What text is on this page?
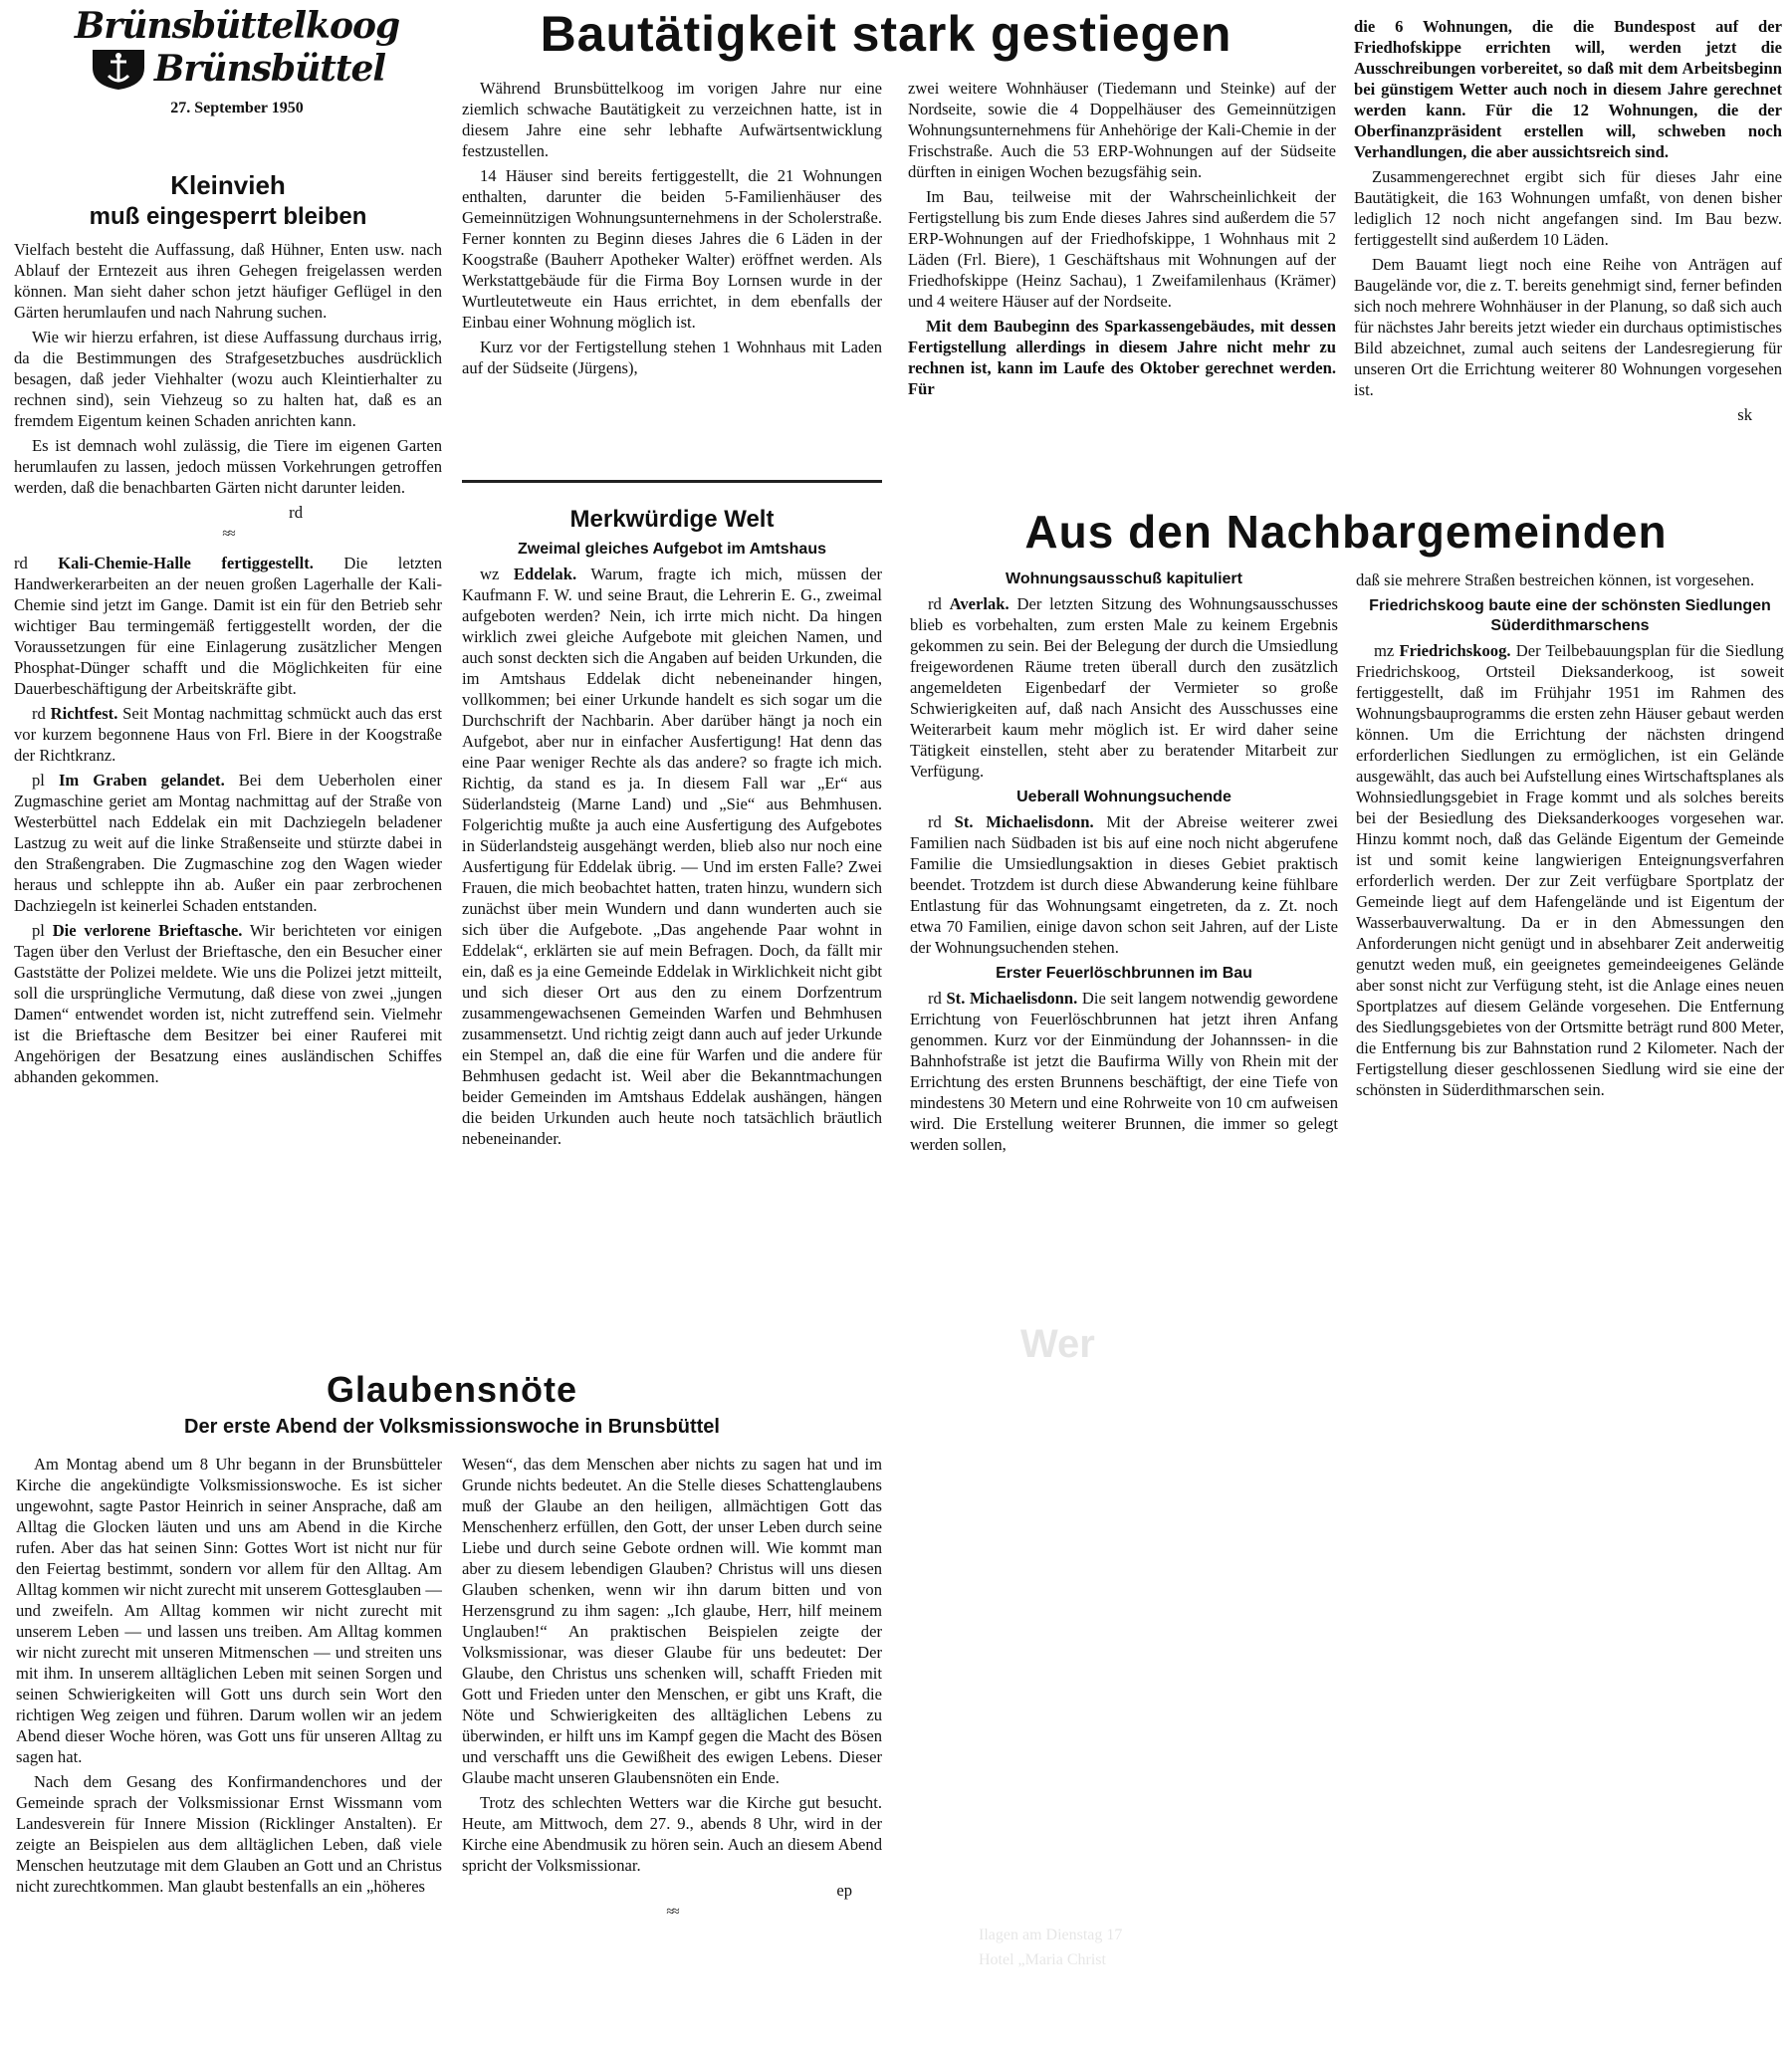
Brünsbüttelkoog
Brünsbüttel
27. September 1950
Kleinvieh
muß eingesperrt bleiben

Vielfach besteht die Auffassung, daß Hühner, Enten usw. nach Ablauf der Erntezeit aus ihren Gehegen freigelassen werden können. Man sieht daher schon jetzt häufiger Geflügel in den Gärten herumlaufen und nach Nahrung suchen.

Wie wir hierzu erfahren, ist diese Auffassung durchaus irrig, da die Bestimmungen des Strafgesetzbuches ausdrücklich besagen, daß jeder Viehhalter (wozu auch Kleintierhalter zu rechnen sind), sein Viehzeug so zu halten hat, daß es an fremdem Eigentum keinen Schaden anrichten kann.

Es ist demnach wohl zulässig, die Tiere im eigenen Garten herumlaufen zu lassen, jedoch müssen Vorkehrungen getroffen werden, daß die benachbarten Gärten nicht darunter leiden.

rd

≈≈

rd Kali-Chemie-Halle fertiggestellt. Die letzten Handwerkerarbeiten an der neuen großen Lagerhalle der Kali-Chemie sind jetzt im Gange. Damit ist ein für den Betrieb sehr wichtiger Bau termingemäß fertiggestellt worden, der die Voraussetzungen für eine Einlagerung zusätzlicher Mengen Phosphat-Dünger schafft und die Möglichkeiten für eine Dauerbeschäftigung der Arbeitskräfte gibt.

rd Richtfest. Seit Montag nachmittag schmückt auch das erst vor kurzem begonnene Haus von Frl. Biere in der Koogstraße der Richtkranz.

pl Im Graben gelandet. Bei dem Ueberholen einer Zugmaschine geriet am Montag nachmittag auf der Straße von Westerbüttel nach Eddelak ein mit Dachziegeln beladener Lastzug zu weit auf die linke Straßenseite und stürzte dabei in den Straßengraben. Die Zugmaschine zog den Wagen wieder heraus und schleppte ihn ab. Außer ein paar zerbrochenen Dachziegeln ist keinerlei Schaden entstanden.

pl Die verlorene Brieftasche. Wir berichteten vor einigen Tagen über den Verlust der Brieftasche, den ein Besucher einer Gaststätte der Polizei meldete. Wie uns die Polizei jetzt mitteilt, soll die ursprüngliche Vermutung, daß diese von zwei „jungen Damen“ entwendet worden ist, nicht zutreffend sein. Vielmehr ist die Brieftasche dem Besitzer bei einer Rauferei mit Angehörigen der Besatzung eines ausländischen Schiffes abhanden gekommen.

Bautätigkeit stark gestiegen

Während Brunsbüttelkoog im vorigen Jahre nur eine ziemlich schwache Bautätigkeit zu verzeichnen hatte, ist in diesem Jahre eine sehr lebhafte Aufwärtsentwicklung festzustellen.

14 Häuser sind bereits fertiggestellt, die 21 Wohnungen enthalten, darunter die beiden 5-Familienhäuser des Gemeinnützigen Wohnungsunternehmens in der Scholerstraße. Ferner konnten zu Beginn dieses Jahres die 6 Läden in der Koogstraße (Bauherr Apotheker Walter) eröffnet werden. Als Werkstattgebäude für die Firma Boy Lornsen wurde in der Wurtleutetweute ein Haus errichtet, in dem ebenfalls der Einbau einer Wohnung möglich ist.

Kurz vor der Fertigstellung stehen 1 Wohnhaus mit Laden auf der Südseite (Jürgens),

zwei weitere Wohnhäuser (Tiedemann und Steinke) auf der Nordseite, sowie die 4 Doppelhäuser des Gemeinnützigen Wohnungsunternehmens für Anhehörige der Kali-Chemie in der Frischstraße. Auch die 53 ERP-Wohnungen auf der Südseite dürften in einigen Wochen bezugsfähig sein.

Im Bau, teilweise mit der Wahrscheinlichkeit der Fertigstellung bis zum Ende dieses Jahres sind außerdem die 57 ERP-Wohnungen auf der Friedhofskippe, 1 Wohnhaus mit 2 Läden (Frl. Biere), 1 Geschäftshaus mit Wohnungen auf der Friedhofskippe (Heinz Sachau), 1 Zweifamilenhaus (Krämer) und 4 weitere Häuser auf der Nordseite.

Mit dem Baubeginn des Sparkassengebäudes, mit dessen Fertigstellung allerdings in diesem Jahre nicht mehr zu rechnen ist, kann im Laufe des Oktober gerechnet werden. Für

die 6 Wohnungen, die die Bundespost auf der Friedhofskippe errichten will, werden jetzt die Ausschreibungen vorbereitet, so daß mit dem Arbeitsbeginn bei günstigem Wetter auch noch in diesem Jahre gerechnet werden kann. Für die 12 Wohnungen, die der Oberfinanzpräsident erstellen will, schweben noch Verhandlungen, die aber aussichtsreich sind.

Zusammengerechnet ergibt sich für dieses Jahr eine Bautätigkeit, die 163 Wohnungen umfaßt, von denen bisher lediglich 12 noch nicht angefangen sind. Im Bau bezw. fertiggestellt sind außerdem 10 Läden.

Dem Bauamt liegt noch eine Reihe von Anträgen auf Baugelände vor, die z. T. bereits genehmigt sind, ferner befinden sich noch mehrere Wohnhäuser in der Planung, so daß sich auch für nächstes Jahr bereits jetzt wieder ein durchaus optimistisches Bild abzeichnet, zumal auch seitens der Landesregierung für unseren Ort die Errichtung weiterer 80 Wohnungen vorgesehen ist.

sk

Merkwürdige Welt
Zweimal gleiches Aufgebot im Amtshaus

wz Eddelak. Warum, fragte ich mich, müssen der Kaufmann F. W. und seine Braut, die Lehrerin E. G., zweimal aufgeboten werden? Nein, ich irrte mich nicht. Da hingen wirklich zwei gleiche Aufgebote mit gleichen Namen, und auch sonst deckten sich die Angaben auf beiden Urkunden, die im Amtshaus Eddelak dicht nebeneinander hingen, vollkommen; bei einer Urkunde handelt es sich sogar um die Durchschrift der Nachbarin. Aber darüber hängt ja noch ein Aufgebot, aber nur in einfacher Ausfertigung! Hat denn das eine Paar weniger Rechte als das andere? so fragte ich mich. Richtig, da stand es ja. In diesem Fall war „Er“ aus Süderlandsteig (Marne Land) und „Sie“ aus Behmhusen. Folgerichtig mußte ja auch eine Ausfertigung des Aufgebotes in Süderlandsteig ausgehängt werden, blieb also nur noch eine Ausfertigung für Eddelak übrig. — Und im ersten Falle? Zwei Frauen, die mich beobachtet hatten, traten hinzu, wundern sich zunächst über mein Wundern und dann wunderten auch sie sich über die Aufgebote. „Das angehende Paar wohnt in Eddelak“, erklärten sie auf mein Befragen. Doch, da fällt mir ein, daß es ja eine Gemeinde Eddelak in Wirklichkeit nicht gibt und sich dieser Ort aus den zu einem Dorfzentrum zusammengewachsenen Gemeinden Warfen und Behmhusen zusammensetzt. Und richtig zeigt dann auch auf jeder Urkunde ein Stempel an, daß die eine für Warfen und die andere für Behmhusen gedacht ist. Weil aber die Bekanntmachungen beider Gemeinden im Amtshaus Eddelak aushängen, hängen die beiden Urkunden auch heute noch tatsächlich bräutlich nebeneinander.

Aus den Nachbargemeinden
Wohnungsausschuß kapituliert

rd Averlak. Der letzten Sitzung des Wohnungsausschusses blieb es vorbehalten, zum ersten Male zu keinem Ergebnis gekommen zu sein. Bei der Belegung der durch die Umsiedlung freigewordenen Räume treten überall durch den zusätzlich angemeldeten Eigenbedarf der Vermieter so große Schwierigkeiten auf, daß nach Ansicht des Ausschusses eine Weiterarbeit kaum mehr möglich ist. Er wird daher seine Tätigkeit einstellen, steht aber zu beratender Mitarbeit zur Verfügung.

Ueberall Wohnungsuchende

rd St. Michaelisdonn. Mit der Abreise weiterer zwei Familien nach Südbaden ist bis auf eine noch nicht abgerufene Familie die Umsiedlungsaktion in dieses Gebiet praktisch beendet. Trotzdem ist durch diese Abwanderung keine fühlbare Entlastung für das Wohnungsamt eingetreten, da z. Zt. noch etwa 70 Familien, einige davon schon seit Jahren, auf der Liste der Wohnungsuchenden stehen.

Erster Feuerlöschbrunnen im Bau

rd St. Michaelisdonn. Die seit langem notwendig gewordene Errichtung von Feuerlöschbrunnen hat jetzt ihren Anfang genommen. Kurz vor der Einmündung der Johannssen- in die Bahnhofstraße ist jetzt die Baufirma Willy von Rhein mit der Errichtung des ersten Brunnens beschäftigt, der eine Tiefe von mindestens 30 Metern und eine Rohrweite von 10 cm aufweisen wird. Die Erstellung weiterer Brunnen, die immer so gelegt werden sollen,

daß sie mehrere Straßen bestreichen können, ist vorgesehen.

Friedrichskoog baute eine der schönsten Siedlungen Süderdithmarschens

mz Friedrichskoog. Der Teilbebauungsplan für die Siedlung Friedrichskoog, Ortsteil Dieksanderkoog, ist soweit fertiggestellt, daß im Frühjahr 1951 im Rahmen des Wohnungsbauprogramms die ersten zehn Häuser gebaut werden können. Um die Errichtung der nächsten dringend erforderlichen Siedlungen zu ermöglichen, ist ein Gelände ausgewählt, das auch bei Aufstellung eines Wirtschaftsplanes als Wohnsiedlungsgebiet in Frage kommt und als solches bereits bei der Besiedlung des Dieksanderkooges vorgesehen war. Hinzu kommt noch, daß das Gelände Eigentum der Gemeinde ist und somit keine langwierigen Enteignungsverfahren erforderlich werden. Der zur Zeit verfügbare Sportplatz der Gemeinde liegt auf dem Hafengelände und ist Eigentum der Wasserbauverwaltung. Da er in den Abmessungen den Anforderungen nicht genügt und in absehbarer Zeit anderweitig genutzt weden muß, ein geeignetes gemeindeeigenes Gelände aber sonst nicht zur Verfügung steht, ist die Anlage eines neuen Sportplatzes auf diesem Gelände vorgesehen. Die Entfernung des Siedlungsgebietes von der Ortsmitte beträgt rund 800 Meter, die Entfernung bis zur Bahnstation rund 2 Kilometer. Nach der Fertigstellung dieser geschlossenen Siedlung wird sie eine der schönsten in Süderdithmarschen sein.

Glaubensnöte
Der erste Abend der Volksmissionswoche in Brunsbüttel

Am Montag abend um 8 Uhr begann in der Brunsbütteler Kirche die angekündigte Volksmissionswoche. Es ist sicher ungewohnt, sagte Pastor Heinrich in seiner Ansprache, daß am Alltag die Glocken läuten und uns am Abend in die Kirche rufen. Aber das hat seinen Sinn: Gottes Wort ist nicht nur für den Feiertag bestimmt, sondern vor allem für den Alltag. Am Alltag kommen wir nicht zurecht mit unserem Gottesglauben — und zweifeln. Am Alltag kommen wir nicht zurecht mit unserem Leben — und lassen uns treiben. Am Alltag kommen wir nicht zurecht mit unseren Mitmenschen — und streiten uns mit ihm. In unserem alltäglichen Leben mit seinen Sorgen und seinen Schwierigkeiten will Gott uns durch sein Wort den richtigen Weg zeigen und führen. Darum wollen wir an jedem Abend dieser Woche hören, was Gott uns für unseren Alltag zu sagen hat.

Nach dem Gesang des Konfirmandenchores und der Gemeinde sprach der Volksmissionar Ernst Wissmann vom Landesverein für Innere Mission (Ricklinger Anstalten). Er zeigte an Beispielen aus dem alltäglichen Leben, daß viele Menschen heutzutage mit dem Glauben an Gott und an Christus nicht zurechtkommen. Man glaubt bestenfalls an ein „höheres

Wesen“, das dem Menschen aber nichts zu sagen hat und im Grunde nichts bedeutet. An die Stelle dieses Schattenglaubens muß der Glaube an den heiligen, allmächtigen Gott das Menschenherz erfüllen, den Gott, der unser Leben durch seine Liebe und durch seine Gebote ordnen will. Wie kommt man aber zu diesem lebendigen Glauben? Christus will uns diesen Glauben schenken, wenn wir ihn darum bitten und von Herzensgrund zu ihm sagen: „Ich glaube, Herr, hilf meinem Unglauben!“ An praktischen Beispielen zeigte der Volksmissionar, was dieser Glaube für uns bedeutet: Der Glaube, den Christus uns schenken will, schafft Frieden mit Gott und Frieden unter den Menschen, er gibt uns Kraft, die Nöte und Schwierigkeiten des alltäglichen Lebens zu überwinden, er hilft uns im Kampf gegen die Macht des Bösen und verschafft uns die Gewißheit des ewigen Lebens. Dieser Glaube macht unseren Glaubensnöten ein Ende.

Trotz des schlechten Wetters war die Kirche gut besucht. Heute, am Mittwoch, dem 27. 9., abends 8 Uhr, wird in der Kirche eine Abendmusik zu hören sein. Auch an diesem Abend spricht der Volksmissionar.

ep

≈≈
Wer

Ilagen am Dienstag 17

Hotel „Maria Christ
